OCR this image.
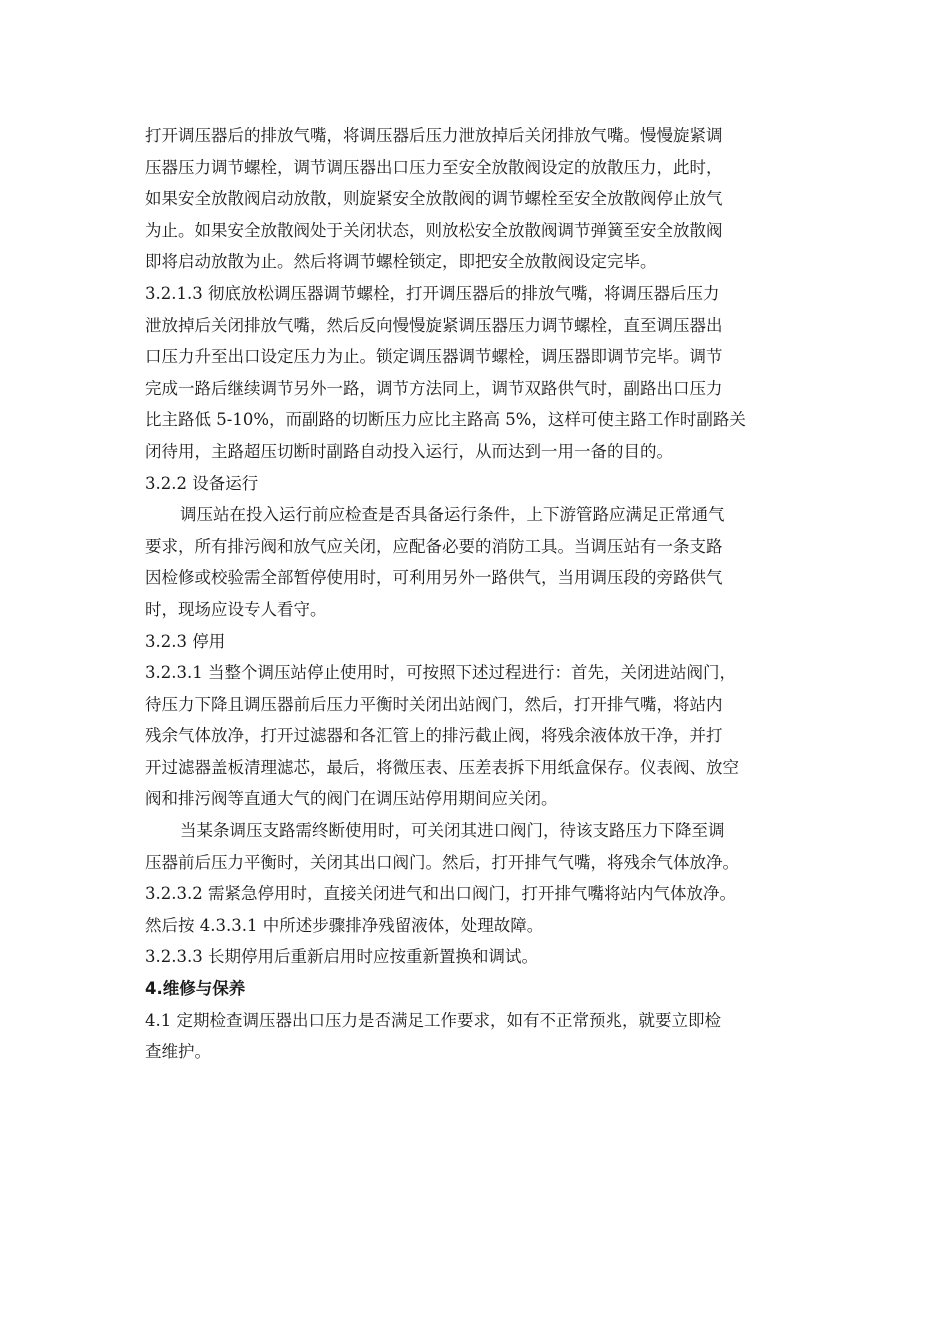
打开调压器后的排放气嘴，将调压器后压力泄放掉后关闭排放气嘴。慢慢旋紧调
压器压力调节螺栓，调节调压器出口压力至安全放散阀设定的放散压力，此时，
如果安全放散阀启动放散，则旋紧安全放散阀的调节螺栓至安全放散阀停止放气
为止。如果安全放散阀处于关闭状态，则放松安全放散阀调节弹簧至安全放散阀
即将启动放散为止。然后将调节螺栓锁定，即把安全放散阀设定完毕。
3.2.1.3 彻底放松调压器调节螺栓，打开调压器后的排放气嘴，将调压器后压力
泄放掉后关闭排放气嘴，然后反向慢慢旋紧调压器压力调节螺栓，直至调压器出
口压力升至出口设定压力为止。锁定调压器调节螺栓，调压器即调节完毕。调节
完成一路后继续调节另外一路，调节方法同上，调节双路供气时，副路出口压力
比主路低 5-10%，而副路的切断压力应比主路高 5%，这样可使主路工作时副路关
闭待用，主路超压切断时副路自动投入运行，从而达到一用一备的目的。
3.2.2 设备运行
调压站在投入运行前应检查是否具备运行条件，上下游管路应满足正常通气
要求，所有排污阀和放气应关闭，应配备必要的消防工具。当调压站有一条支路
因检修或校验需全部暂停使用时，可利用另外一路供气，当用调压段的旁路供气
时，现场应设专人看守。
3.2.3 停用
3.2.3.1 当整个调压站停止使用时，可按照下述过程进行：首先，关闭进站阀门，
待压力下降且调压器前后压力平衡时关闭出站阀门，然后，打开排气嘴，将站内
残余气体放净，打开过滤器和各汇管上的排污截止阀，将残余液体放干净，并打
开过滤器盖板清理滤芯，最后，将微压表、压差表拆下用纸盒保存。仪表阀、放空
阀和排污阀等直通大气的阀门在调压站停用期间应关闭。
当某条调压支路需终断使用时，可关闭其进口阀门，待该支路压力下降至调
压器前后压力平衡时，关闭其出口阀门。然后，打开排气气嘴，将残余气体放净。
3.2.3.2 需紧急停用时，直接关闭进气和出口阀门，打开排气嘴将站内气体放净。
然后按 4.3.3.1 中所述步骤排净残留液体，处理故障。
3.2.3.3 长期停用后重新启用时应按重新置换和调试。
4.维修与保养
4.1 定期检查调压器出口压力是否满足工作要求，如有不正常预兆，就要立即检
查维护。
